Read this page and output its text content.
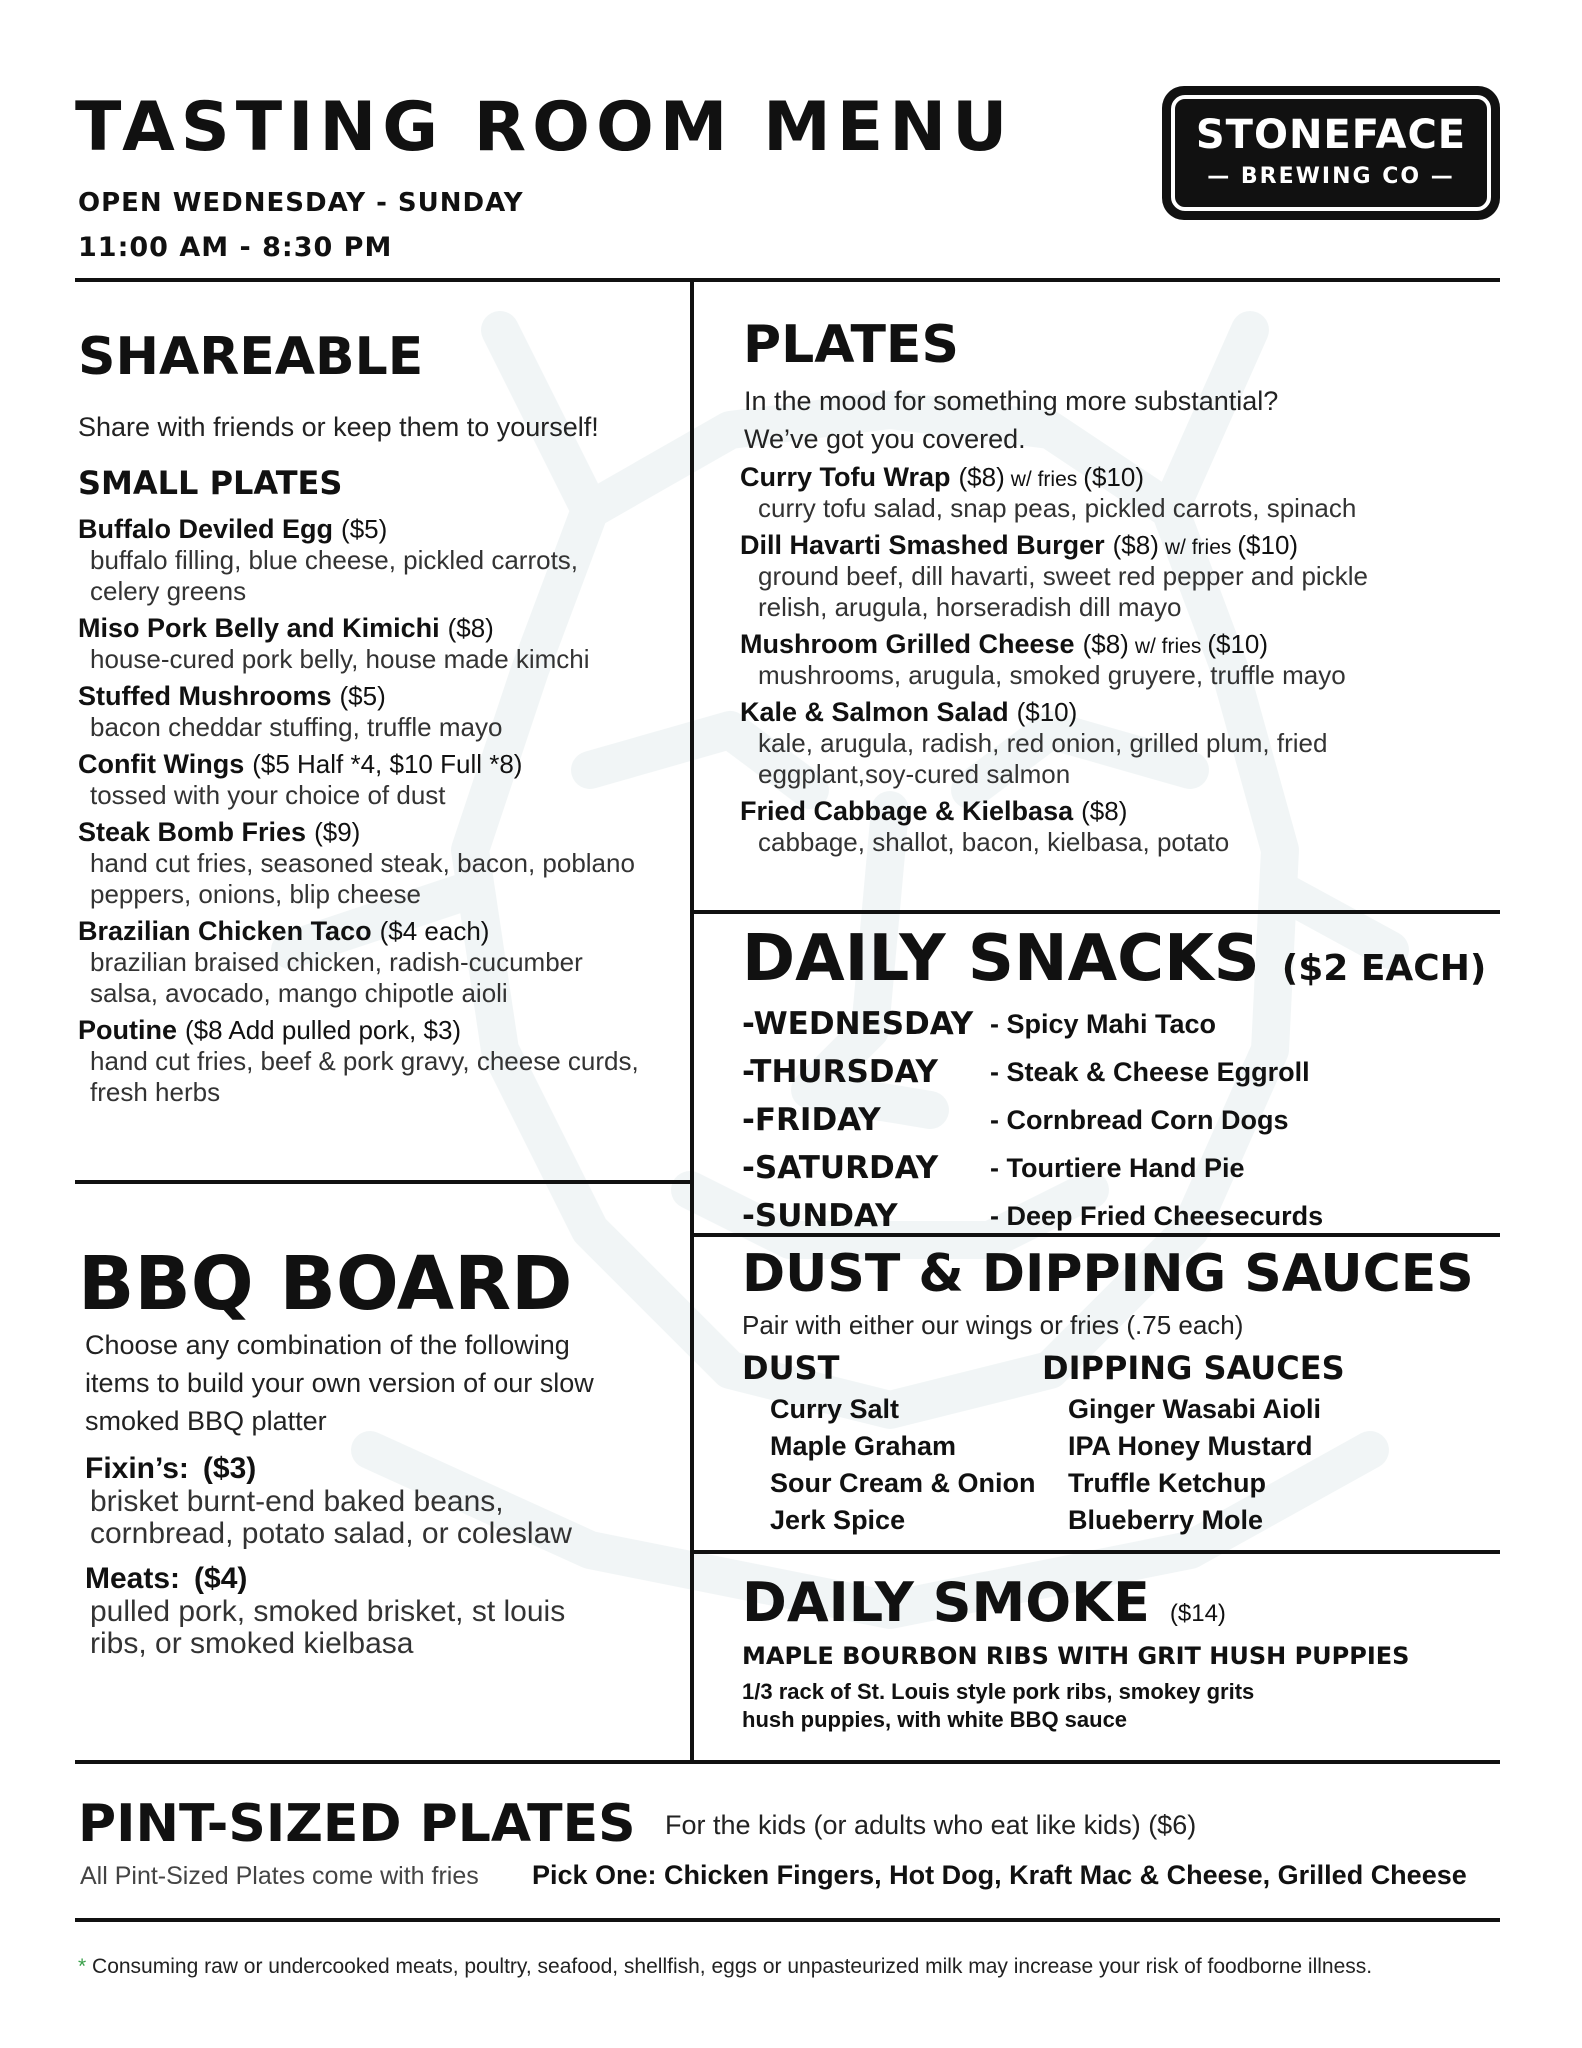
TASTING ROOM MENU
OPEN WEDNESDAY - SUNDAY
11:00 AM - 8:30 PM
STONEFACE
— BREWING CO —
SHAREABLE
Share with friends or keep them to yourself!
SMALL PLATES
Buffalo Deviled Egg ($5)
buffalo filling, blue cheese, pickled carrots, celery greens
Miso Pork Belly and Kimichi ($8)
house-cured pork belly, house made kimchi
Stuffed Mushrooms ($5)
bacon cheddar stuffing, truffle mayo
Confit Wings ($5 Half *4, $10 Full *8)
tossed with your choice of dust
Steak Bomb Fries ($9)
hand cut fries, seasoned steak, bacon, poblano peppers, onions, blip cheese
Brazilian Chicken Taco ($4 each)
brazilian braised chicken, radish-cucumber salsa, avocado, mango chipotle aioli
Poutine ($8 Add pulled pork, $3)
hand cut fries, beef & pork gravy, cheese curds, fresh herbs
PLATES
In the mood for something more substantial? We’ve got you covered.
Curry Tofu Wrap ($8) w/ fries ($10)
curry tofu salad, snap peas, pickled carrots, spinach
Dill Havarti Smashed Burger ($8) w/ fries ($10)
ground beef, dill havarti, sweet red pepper and pickle relish, arugula, horseradish dill mayo
Mushroom Grilled Cheese ($8) w/ fries ($10)
mushrooms, arugula, smoked gruyere, truffle mayo
Kale & Salmon Salad ($10)
kale, arugula, radish, red onion, grilled plum, fried eggplant,soy-cured salmon
Fried Cabbage & Kielbasa ($8)
cabbage, shallot, bacon, kielbasa, potato
DAILY SNACKS ($2 EACH)
-WEDNESDAY - Spicy Mahi Taco
-THURSDAY	- Steak & Cheese Eggroll
-FRIDAY	- Cornbread Corn Dogs
-SATURDAY	- Tourtiere Hand Pie
-SUNDAY	- Deep Fried Cheesecurds
BBQ BOARD
Choose any combination of the following items to build your own version of our slow smoked BBQ platter
Fixin’s: ($3)
brisket burnt-end baked beans, cornbread, potato salad, or coleslaw
Meats: ($4)
pulled pork, smoked brisket, st louis ribs, or smoked kielbasa
DUST & DIPPING SAUCES
Pair with either our wings or fries (.75 each)
DUST
Curry Salt
Maple Graham
Sour Cream & Onion
Jerk Spice
DIPPING SAUCES
Ginger Wasabi Aioli
IPA Honey Mustard
Truffle Ketchup
Blueberry Mole
DAILY SMOKE ($14)
MAPLE BOURBON RIBS WITH GRIT HUSH PUPPIES
1/3 rack of St. Louis style pork ribs, smokey grits hush puppies, with white BBQ sauce
PINT-SIZED PLATES For the kids (or adults who eat like kids) ($6)
All Pint-Sized Plates come with fries Pick One: Chicken Fingers, Hot Dog, Kraft Mac & Cheese, Grilled Cheese
* Consuming raw or undercooked meats, poultry, seafood, shellfish, eggs or unpasteurized milk may increase your risk of foodborne illness.
